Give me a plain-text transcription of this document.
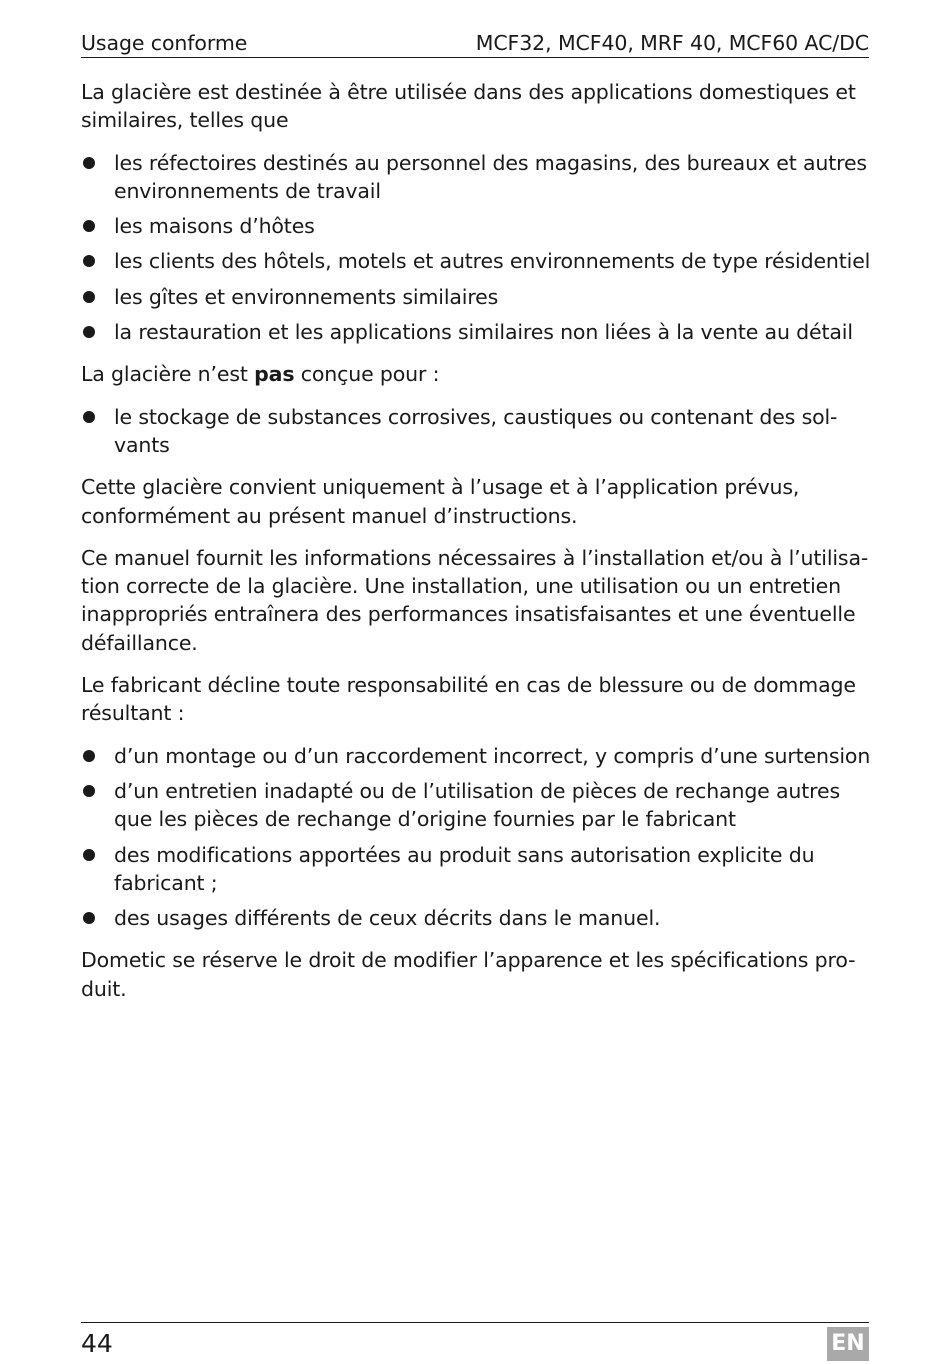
Usage conforme	MCF32, MCF40, MRF 40, MCF60 AC/DC

La glacière est destinée à être utilisée dans des applications domestiques et similaires, telles que

les réfectoires destinés au personnel des magasins, des bureaux et autres environnements de travail
les maisons d’hôtes
les clients des hôtels, motels et autres environnements de type résidentiel
les gîtes et environnements similaires
la restauration et les applications similaires non liées à la vente au détail

La glacière n’est pas conçue pour :

le stockage de substances corrosives, caustiques ou contenant des sol-vants

Cette glacière convient uniquement à l’usage et à l’application prévus, conformément au présent manuel d’instructions.

Ce manuel fournit les informations nécessaires à l’installation et/ou à l’utilisa-tion correcte de la glacière. Une installation, une utilisation ou un entretien inappropriés entraînera des performances insatisfaisantes et une éventuelle défaillance.

Le fabricant décline toute responsabilité en cas de blessure ou de dommage résultant :

d’un montage ou d’un raccordement incorrect, y compris d’une surtension
d’un entretien inadapté ou de l’utilisation de pièces de rechange autres que les pièces de rechange d’origine fournies par le fabricant
des modifications apportées au produit sans autorisation explicite du fabricant ;
des usages différents de ceux décrits dans le manuel.

Dometic se réserve le droit de modifier l’apparence et les spécifications pro-duit.

44	EN
